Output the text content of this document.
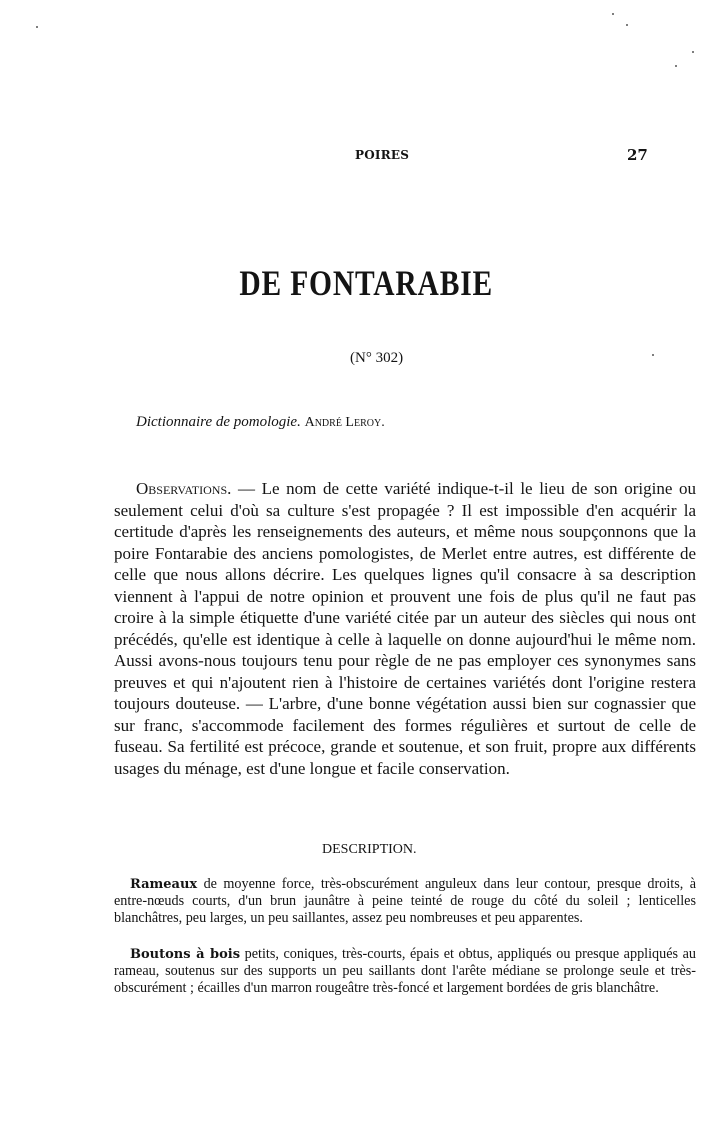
POIRES	27
DE FONTARABIE
(N° 302)
Dictionnaire de pomologie. André Leroy.

Observations. — Le nom de cette variété indique-t-il le lieu de son origine ou seulement celui d'où sa culture s'est propagée ? Il est impossible d'en acquérir la certitude d'après les renseignements des auteurs, et même nous soupçonnons que la poire Fontarabie des anciens pomologistes, de Merlet entre autres, est différente de celle que nous allons décrire. Les quelques lignes qu'il consacre à sa description viennent à l'appui de notre opinion et prouvent une fois de plus qu'il ne faut pas croire à la simple étiquette d'une variété citée par un auteur des siècles qui nous ont précédés, qu'elle est identique à celle à laquelle on donne aujourd'hui le même nom. Aussi avons-nous toujours tenu pour règle de ne pas employer ces synonymes sans preuves et qui n'ajoutent rien à l'histoire de certaines variétés dont l'origine restera toujours douteuse. — L'arbre, d'une bonne végétation aussi bien sur cognassier que sur franc, s'accommode facilement des formes régulières et surtout de celle de fuseau. Sa fertilité est précoce, grande et soutenue, et son fruit, propre aux différents usages du ménage, est d'une longue et facile conservation.

DESCRIPTION.

Rameaux de moyenne force, très-obscurément anguleux dans leur contour, presque droits, à entre-nœuds courts, d'un brun jaunâtre à peine teinté de rouge du côté du soleil ; lenticelles blanchâtres, peu larges, un peu saillantes, assez peu nombreuses et peu apparentes.

Boutons à bois petits, coniques, très-courts, épais et obtus, appliqués ou presque appliqués au rameau, soutenus sur des supports un peu saillants dont l'arête médiane se prolonge seule et très-obscurément ; écailles d'un marron rougeâtre très-foncé et largement bordées de gris blanchâtre.
